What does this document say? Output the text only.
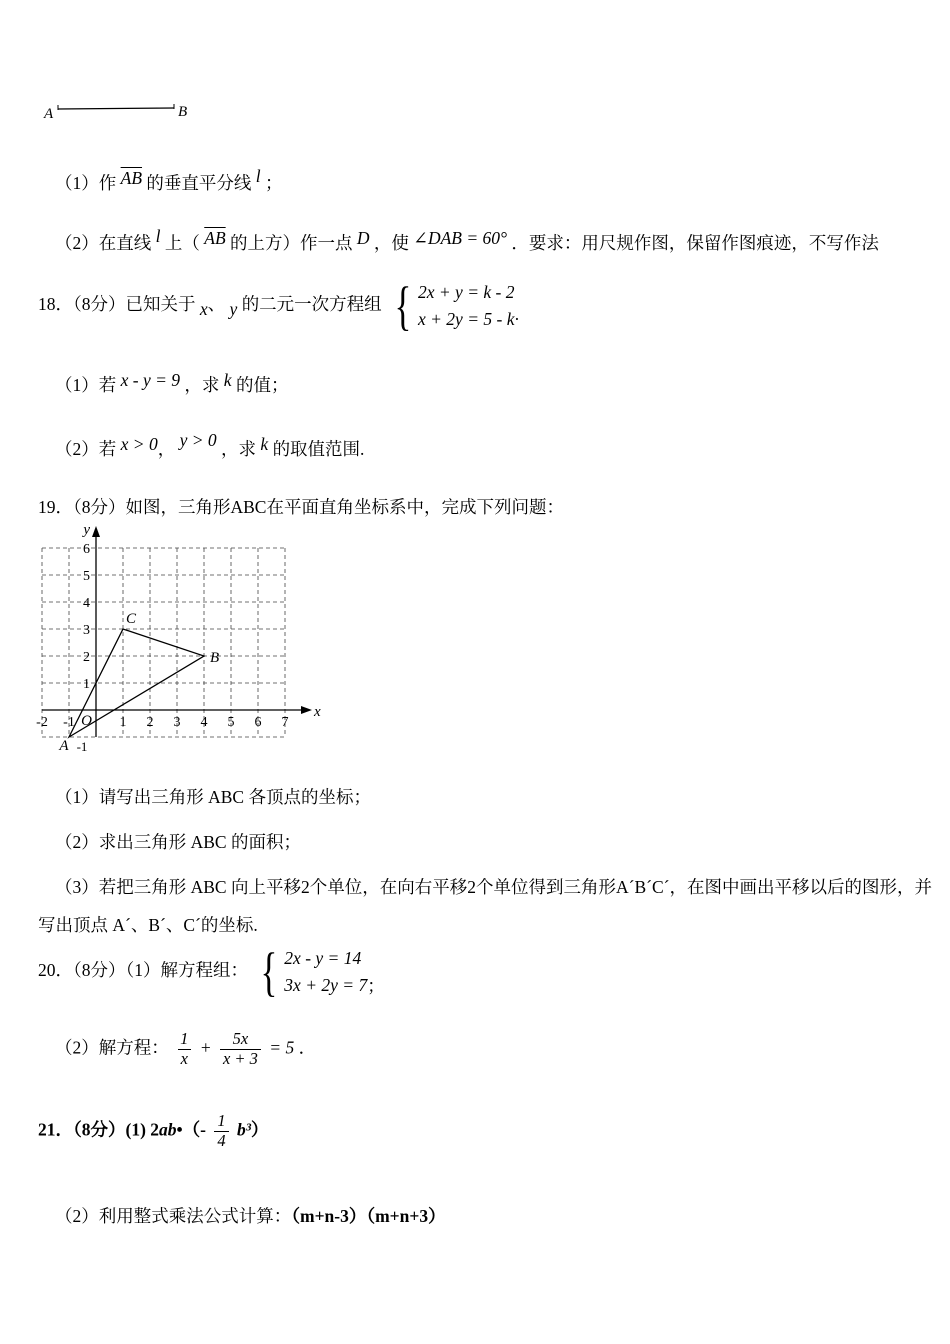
A	B
（1）作 $\overline{AB}$ 的垂直平分线 l ；
（2）在直线 l 上（ $\overline{AB}$ 的上方）作一点 D ，使 ∠DAB = 60° ．要求：用尺规作图，保留作图痕迹，不写作法
18．（8分）已知关于 x、 y 的二元一次方程组 { 2x + y = k - 2
x + 2y = 5 - k·
（1）若 x - y = 9 ，求 k 的值；
（2）若 x > 0， y > 0 ，求 k 的取值范围.
19．（8分）如图，三角形ABC在平面直角坐标系中，完成下列问题：
6
5
4
3
2
1
-2 -1	1 2 3 4 5 6 7
O
x
y
C
B
A -1
（1）请写出三角形 ABC 各顶点的坐标；
（2）求出三角形 ABC 的面积；
（3）若把三角形 ABC 向上平移2个单位，在向右平移2个单位得到三角形A´B´C´，在图中画出平移以后的图形，并
写出顶点 A´、B´、C´的坐标.
20．（8分）（1）解方程组： { 2x - y = 14
3x + 2y = 7 ；
（2）解方程： $\frac{1}{x} + \frac{5x}{x + 3} = 5$ ．
21．（8分）(1) 2ab•（- $\frac{1}{4} b^3$）
（2）利用整式乘法公式计算：（m+n-3）（m+n+3）
